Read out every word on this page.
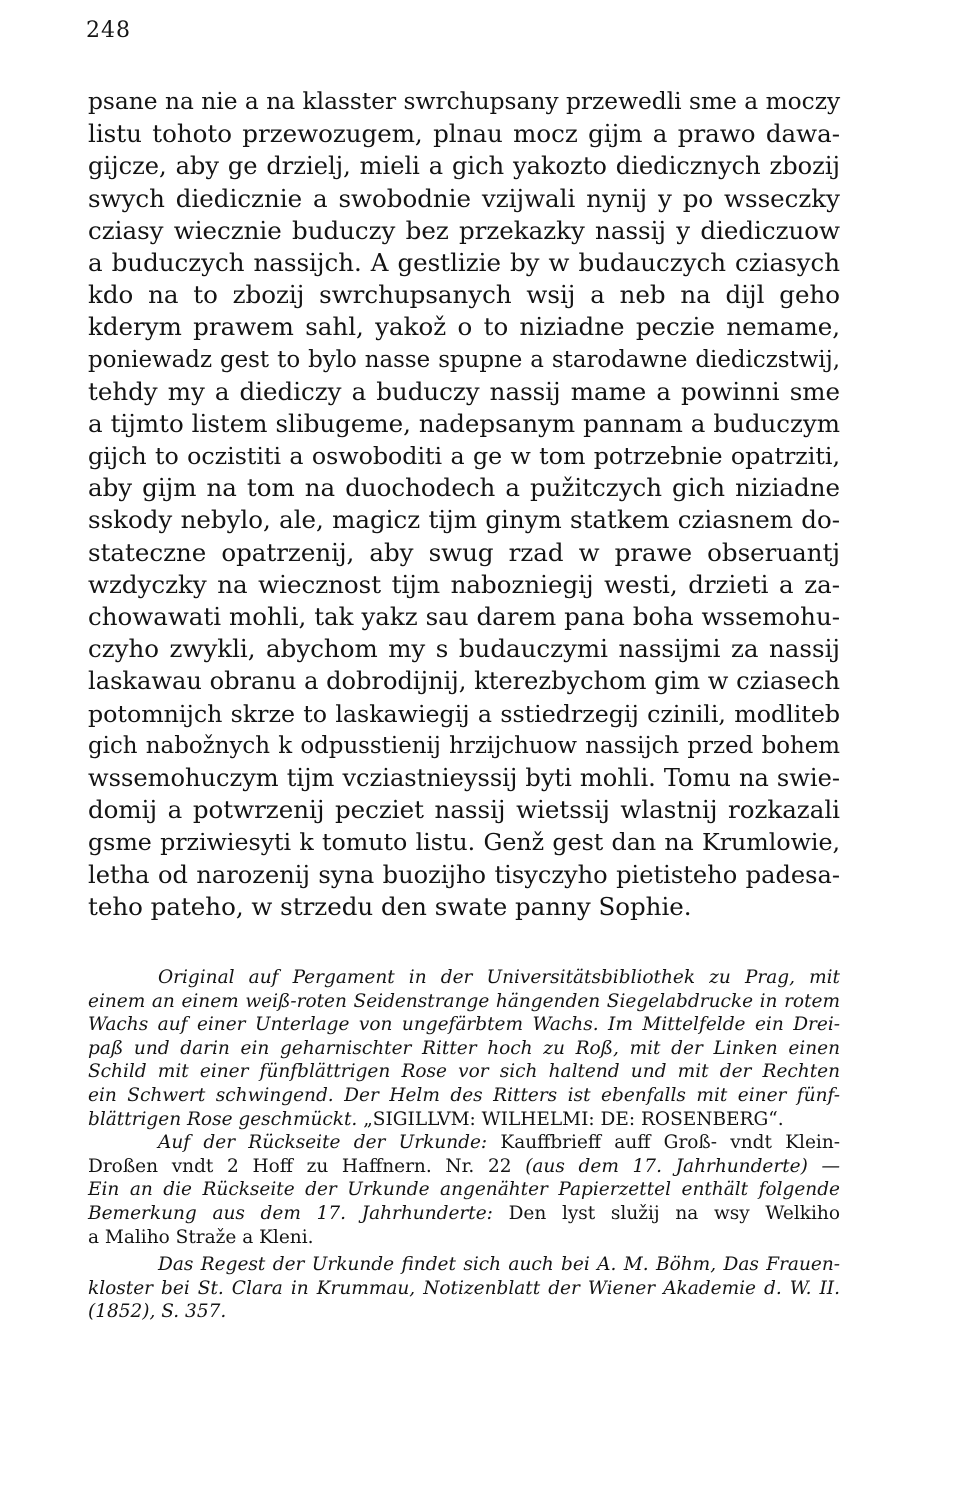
248
psane na nie a na klasster swrchupsany przewedli sme a moczy
listu tohoto przewozugem, plnau mocz gijm a prawo dawa-
gijcze, aby ge drzielj, mieli a gich yakozto diedicznych zbozij
swych diedicznie a swobodnie vzijwali nynij y po wsseczky
cziasy wiecznie buduczy bez przekazky nassij y diediczuow
a buduczych nassijch. A gestlizie by w budauczych cziasych
kdo na to zbozij swrchupsanych wsij a neb na dijl geho
kderym prawem sahl, yakož o to niziadne peczie nemame,
poniewadz gest to bylo nasse spupne a starodawne diediczstwij,
tehdy my a diediczy a buduczy nassij mame a powinni sme
a tijmto listem slibugeme, nadepsanym pannam a buduczym
gijch to oczistiti a oswoboditi a ge w tom potrzebnie opatrziti,
aby gijm na tom na duochodech a pužitczych gich niziadne
sskody nebylo, ale, magicz tijm ginym statkem cziasnem do-
stateczne opatrzenij, aby swug rzad w prawe obseruantj
wzdyczky na wiecznost tijm nabozniegij westi, drzieti a za-
chowawati mohli, tak yakz sau darem pana boha wssemohu-
czyho zwykli, abychom my s budauczymi nassijmi za nassij
laskawau obranu a dobrodijnij, kterezbychom gim w cziasech
potomnijch skrze to laskawiegij a sstiedrzegij czinili, modliteb
gich nabožnych k odpusstienij hrzijchuow nassijch przed bohem
wssemohuczym tijm vcziastnieyssij byti mohli. Tomu na swie-
domij a potwrzenij pecziet nassij wietssij wlastnij rozkazali
gsme prziwiesyti k tomuto listu. Genž gest dan na Krumlowie,
letha od narozenij syna buozijho tisyczyho pietisteho padesa-
teho pateho, w strzedu den swate panny Sophie.
Original auf Pergament in der Universitätsbibliothek zu Prag, mit
einem an einem weiß-roten Seidenstrange hängenden Siegelabdrucke in rotem
Wachs auf einer Unterlage von ungefärbtem Wachs. Im Mittelfelde ein Drei-
paß und darin ein geharnischter Ritter hoch zu Roß, mit der Linken einen
Schild mit einer fünfblättrigen Rose vor sich haltend und mit der Rechten
ein Schwert schwingend. Der Helm des Ritters ist ebenfalls mit einer fünf-
blättrigen Rose geschmückt. „SIGILLVM: WILHELMI: DE: ROSENBERG“.
Auf der Rückseite der Urkunde: Kauffbrieff auff Groß- vndt Klein-
Droßen vndt 2 Hoff zu Haffnern. Nr. 22 (aus dem 17. Jahrhunderte) —
Ein an die Rückseite der Urkunde angenähter Papierzettel enthält folgende
Bemerkung aus dem 17. Jahrhunderte: Den lyst služij na wsy Welkiho
a Maliho Straže a Kleni.
Das Regest der Urkunde findet sich auch bei A. M. Böhm, Das Frauen-
kloster bei St. Clara in Krummau, Notizenblatt der Wiener Akademie d. W. II.
(1852), S. 357.
